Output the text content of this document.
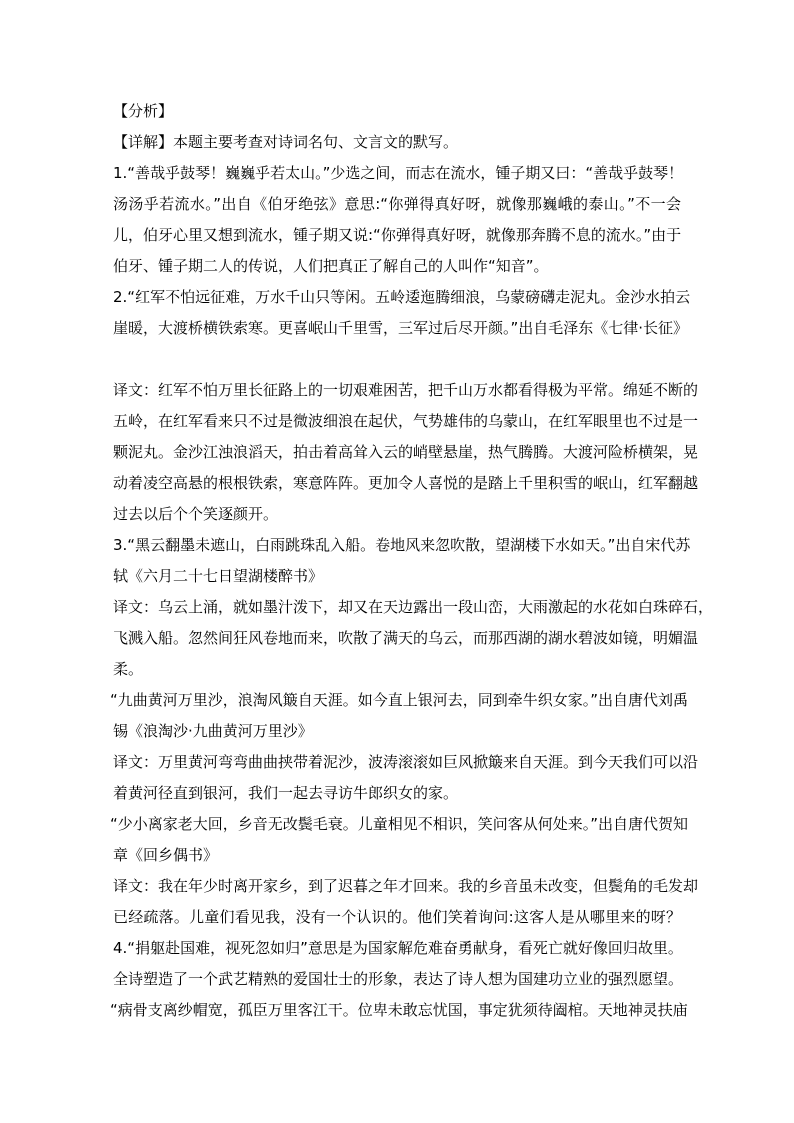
【分析】
【详解】本题主要考查对诗词名句、文言文的默写。
1.“善哉乎鼓琴！巍巍乎若太山。”少选之间，而志在流水，锺子期又曰：“善哉乎鼓琴！
汤汤乎若流水。”出自《伯牙绝弦》意思:“你弹得真好呀，就像那巍峨的泰山。”不一会
儿，伯牙心里又想到流水，锺子期又说:“你弹得真好呀，就像那奔腾不息的流水。”由于
伯牙、锺子期二人的传说，人们把真正了解自己的人叫作“知音”。
2.“红军不怕远征难，万水千山只等闲。五岭逶迤腾细浪，乌蒙磅礴走泥丸。金沙水拍云
崖暖，大渡桥横铁索寒。更喜岷山千里雪，三军过后尽开颜。”出自毛泽东《七律·长征》
译文：红军不怕万里长征路上的一切艰难困苦，把千山万水都看得极为平常。绵延不断的
五岭，在红军看来只不过是微波细浪在起伏，气势雄伟的乌蒙山，在红军眼里也不过是一
颗泥丸。金沙江浊浪滔天，拍击着高耸入云的峭壁悬崖，热气腾腾。大渡河险桥横架，晃
动着凌空高悬的根根铁索，寒意阵阵。更加令人喜悦的是踏上千里积雪的岷山，红军翻越
过去以后个个笑逐颜开。
3.“黑云翻墨未遮山，白雨跳珠乱入船。卷地风来忽吹散，望湖楼下水如天。”出自宋代苏
轼《六月二十七日望湖楼醉书》
译文：乌云上涌，就如墨汁泼下，却又在天边露出一段山峦，大雨激起的水花如白珠碎石，
飞溅入船。忽然间狂风卷地而来，吹散了满天的乌云，而那西湖的湖水碧波如镜，明媚温
柔。
“九曲黄河万里沙，浪淘风簸自天涯。如今直上银河去，同到牵牛织女家。”出自唐代刘禹
锡《浪淘沙·九曲黄河万里沙》
译文：万里黄河弯弯曲曲挟带着泥沙，波涛滚滚如巨风掀簸来自天涯。到今天我们可以沿
着黄河径直到银河，我们一起去寻访牛郎织女的家。
“少小离家老大回，乡音无改鬓毛衰。儿童相见不相识，笑问客从何处来。”出自唐代贺知
章《回乡偶书》
译文：我在年少时离开家乡，到了迟暮之年才回来。我的乡音虽未改变，但鬓角的毛发却
已经疏落。儿童们看见我，没有一个认识的。他们笑着询问:这客人是从哪里来的呀？
4.“捐躯赴国难，视死忽如归”意思是为国家解危难奋勇献身，看死亡就好像回归故里。
全诗塑造了一个武艺精熟的爱国壮士的形象，表达了诗人想为国建功立业的强烈愿望。
“病骨支离纱帽宽，孤臣万里客江干。位卑未敢忘忧国，事定犹须待阖棺。天地神灵扶庙
